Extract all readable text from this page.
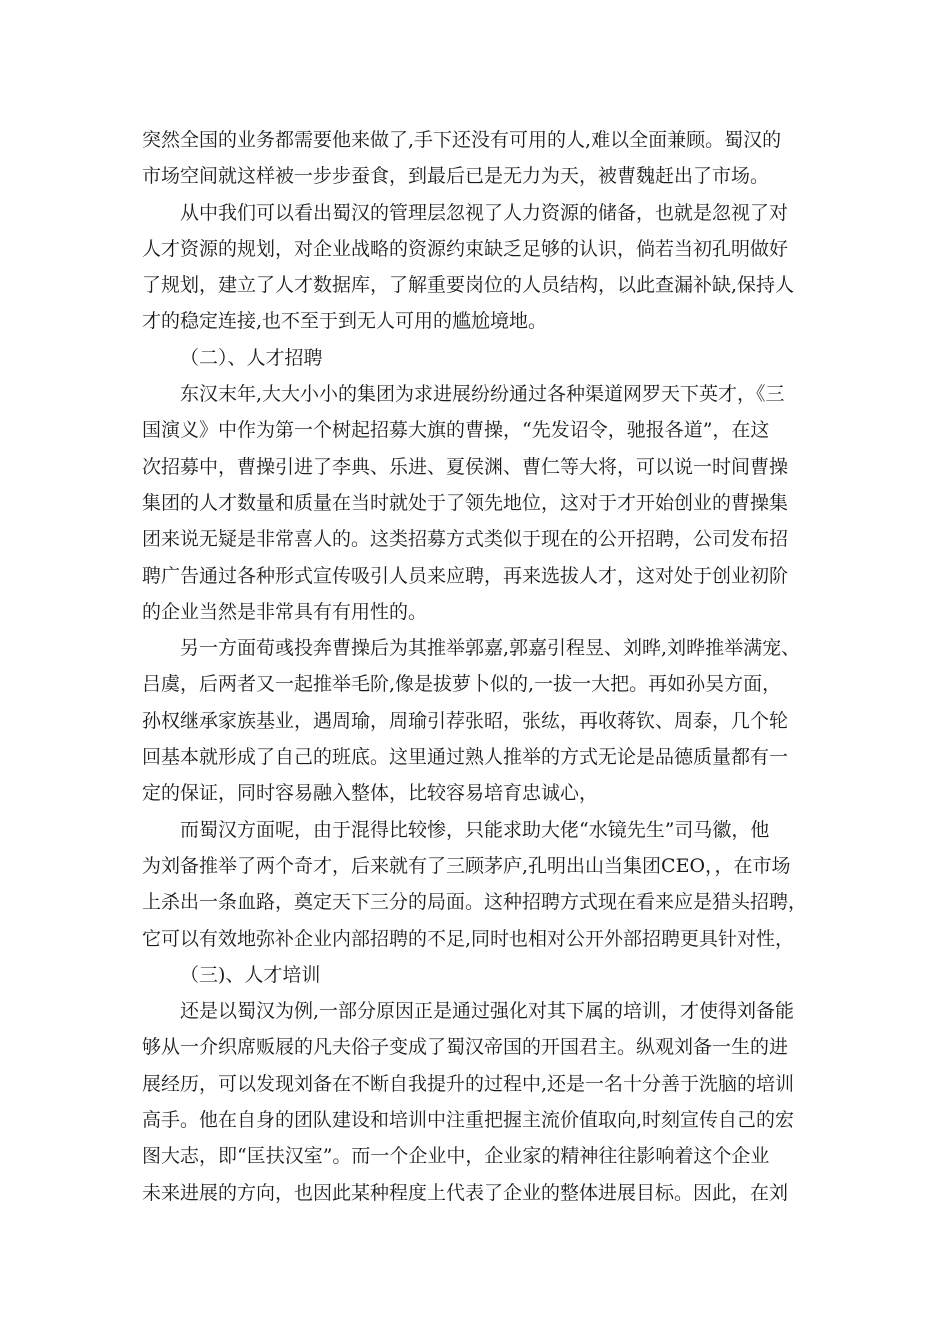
突然全国的业务都需要他来做了,手下还没有可用的人,难以全面兼顾。蜀汉的
市场空间就这样被一步步蚕食，到最后已是无力为天，被曹魏赶出了市场。
从中我们可以看出蜀汉的管理层忽视了人力资源的储备，也就是忽视了对
人才资源的规划，对企业战略的资源约束缺乏足够的认识，倘若当初孔明做好
了规划，建立了人才数据库，了解重要岗位的人员结构，以此查漏补缺,保持人
才的稳定连接,也不至于到无人可用的尴尬境地。
（二）、人才招聘
东汉末年,大大小小的集团为求进展纷纷通过各种渠道网罗天下英才，《三
国演义》中作为第一个树起招募大旗的曹操，“先发诏令，驰报各道”，在这
次招募中，曹操引进了李典、乐进、夏侯渊、曹仁等大将，可以说一时间曹操
集团的人才数量和质量在当时就处于了领先地位，这对于才开始创业的曹操集
团来说无疑是非常喜人的。这类招募方式类似于现在的公开招聘，公司发布招
聘广告通过各种形式宣传吸引人员来应聘，再来选拔人才，这对处于创业初阶
的企业当然是非常具有有用性的。
另一方面荀彧投奔曹操后为其推举郭嘉,郭嘉引程昱、刘晔,刘晔推举满宠、
吕虞，后两者又一起推举毛阶,像是拔萝卜似的,一拔一大把。再如孙吴方面，
孙权继承家族基业，遇周瑜，周瑜引荐张昭，张纮，再收蒋钦、周泰，几个轮
回基本就形成了自己的班底。这里通过熟人推举的方式无论是品德质量都有一
定的保证，同时容易融入整体，比较容易培育忠诚心，
而蜀汉方面呢，由于混得比较惨，只能求助大佬“水镜先生”司马徽，他
为刘备推举了两个奇才，后来就有了三顾茅庐,孔明出山当集团CEO，，在市场
上杀出一条血路，奠定天下三分的局面。这种招聘方式现在看来应是猎头招聘，
它可以有效地弥补企业内部招聘的不足,同时也相对公开外部招聘更具针对性，
（三)、人才培训
还是以蜀汉为例,一部分原因正是通过强化对其下属的培训，才使得刘备能
够从一介织席贩屐的凡夫俗子变成了蜀汉帝国的开国君主。纵观刘备一生的进
展经历，可以发现刘备在不断自我提升的过程中,还是一名十分善于洗脑的培训
高手。他在自身的团队建设和培训中注重把握主流价值取向,时刻宣传自己的宏
图大志，即“匡扶汉室”。而一个企业中，企业家的精神往往影响着这个企业
未来进展的方向，也因此某种程度上代表了企业的整体进展目标。因此，在刘
